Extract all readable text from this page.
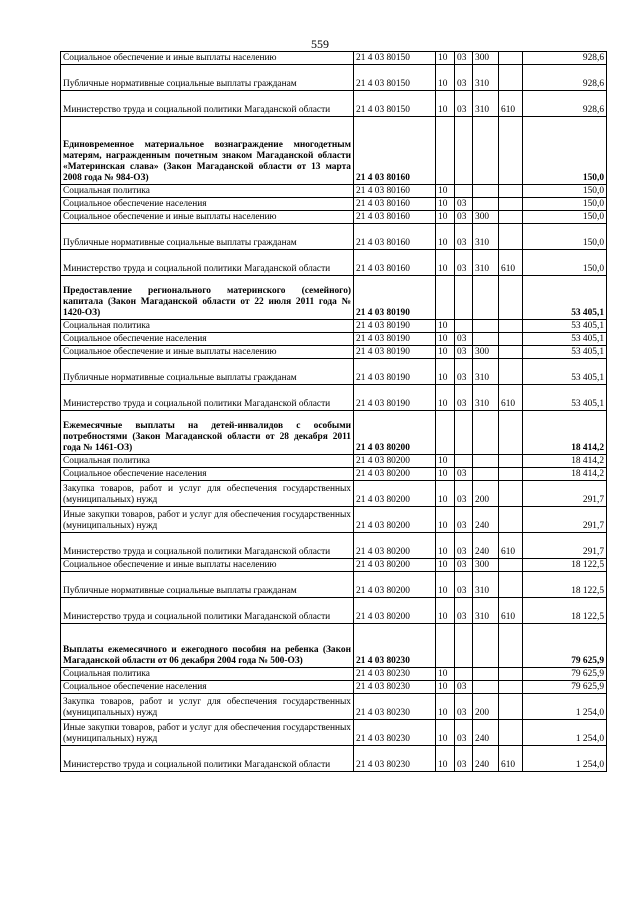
559
Социальное обеспечение и иные выплаты населению	21 4 03 80150	10	03	300		928,6
Публичные нормативные социальные выплаты гражданам	21 4 03 80150	10	03	310		928,6
Министерство труда и социальной политики Магаданской области	21 4 03 80150	10	03	310	610	928,6
Единовременное материальное вознаграждение многодетным матерям, награжденным почетным знаком Магаданской области «Материнская слава» (Закон Магаданской области от 13 марта 2008 года № 984-ОЗ)	21 4 03 80160					150,0
Социальная политика	21 4 03 80160	10				150,0
Социальное обеспечение населения	21 4 03 80160	10	03			150,0
Социальное обеспечение и иные выплаты населению	21 4 03 80160	10	03	300		150,0
Публичные нормативные социальные выплаты гражданам	21 4 03 80160	10	03	310		150,0
Министерство труда и социальной политики Магаданской области	21 4 03 80160	10	03	310	610	150,0
Предоставление регионального материнского (семейного) капитала (Закон Магаданской области от 22 июля 2011 года № 1420-ОЗ)	21 4 03 80190					53 405,1
Социальная политика	21 4 03 80190	10				53 405,1
Социальное обеспечение населения	21 4 03 80190	10	03			53 405,1
Социальное обеспечение и иные выплаты населению	21 4 03 80190	10	03	300		53 405,1
Публичные нормативные социальные выплаты гражданам	21 4 03 80190	10	03	310		53 405,1
Министерство труда и социальной политики Магаданской области	21 4 03 80190	10	03	310	610	53 405,1
Ежемесячные выплаты на детей-инвалидов с особыми потребностями (Закон Магаданской области от 28 декабря 2011 года № 1461-ОЗ)	21 4 03 80200					18 414,2
Социальная политика	21 4 03 80200	10				18 414,2
Социальное обеспечение населения	21 4 03 80200	10	03			18 414,2
Закупка товаров, работ и услуг для обеспечения государственных (муниципальных) нужд	21 4 03 80200	10	03	200		291,7
Иные закупки товаров, работ и услуг для обеспечения государственных (муниципальных) нужд	21 4 03 80200	10	03	240		291,7
Министерство труда и социальной политики Магаданской области	21 4 03 80200	10	03	240	610	291,7
Социальное обеспечение и иные выплаты населению	21 4 03 80200	10	03	300		18 122,5
Публичные нормативные социальные выплаты гражданам	21 4 03 80200	10	03	310		18 122,5
Министерство труда и социальной политики Магаданской области	21 4 03 80200	10	03	310	610	18 122,5
Выплаты ежемесячного и ежегодного пособия на ребенка (Закон Магаданской области от 06 декабря 2004 года № 500-ОЗ)	21 4 03 80230					79 625,9
Социальная политика	21 4 03 80230	10				79 625,9
Социальное обеспечение населения	21 4 03 80230	10	03			79 625,9
Закупка товаров, работ и услуг для обеспечения государственных (муниципальных) нужд	21 4 03 80230	10	03	200		1 254,0
Иные закупки товаров, работ и услуг для обеспечения государственных (муниципальных) нужд	21 4 03 80230	10	03	240		1 254,0
Министерство труда и социальной политики Магаданской области	21 4 03 80230	10	03	240	610	1 254,0
